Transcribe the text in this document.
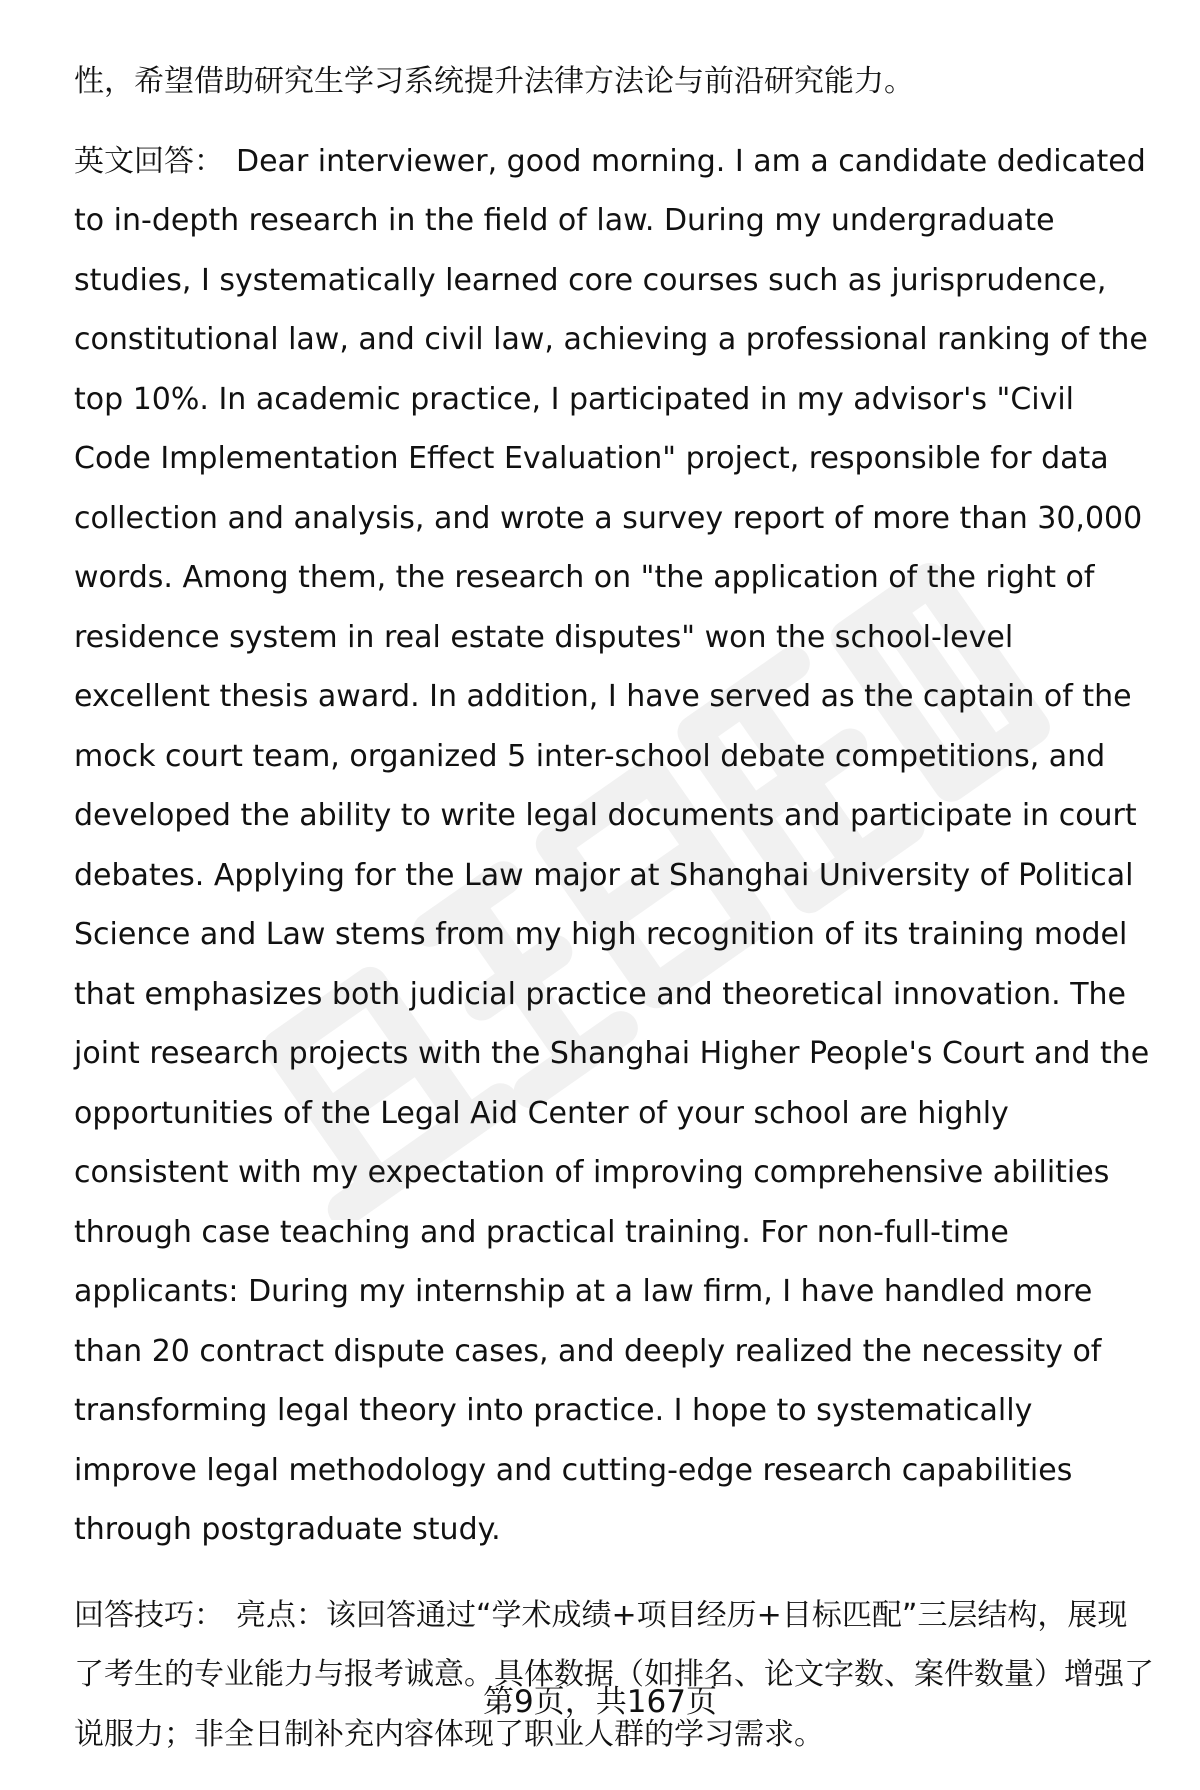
性，希望借助研究生学习系统提升法律方法论与前沿研究能力。

英文回答： Dear interviewer, good morning. I am a candidate dedicated to in-depth research in the field of law. During my undergraduate studies, I systematically learned core courses such as jurisprudence, constitutional law, and civil law, achieving a professional ranking of the top 10%. In academic practice, I participated in my advisor's "Civil Code Implementation Effect Evaluation" project, responsible for data collection and analysis, and wrote a survey report of more than 30,000 words. Among them, the research on "the application of the right of residence system in real estate disputes" won the school-level excellent thesis award. In addition, I have served as the captain of the mock court team, organized 5 inter-school debate competitions, and developed the ability to write legal documents and participate in court debates. Applying for the Law major at Shanghai University of Political Science and Law stems from my high recognition of its training model that emphasizes both judicial practice and theoretical innovation. The joint research projects with the Shanghai Higher People's Court and the opportunities of the Legal Aid Center of your school are highly consistent with my expectation of improving comprehensive abilities through case teaching and practical training. For non-full-time applicants: During my internship at a law firm, I have handled more than 20 contract dispute cases, and deeply realized the necessity of transforming legal theory into practice. I hope to systematically improve legal methodology and cutting-edge research capabilities through postgraduate study.

回答技巧： 亮点：该回答通过“学术成绩+项目经历+目标匹配”三层结构，展现了考生的专业能力与报考诚意。具体数据（如排名、论文字数、案件数量）增强了说服力；非全日制补充内容体现了职业人群的学习需求。

第9页，共167页
